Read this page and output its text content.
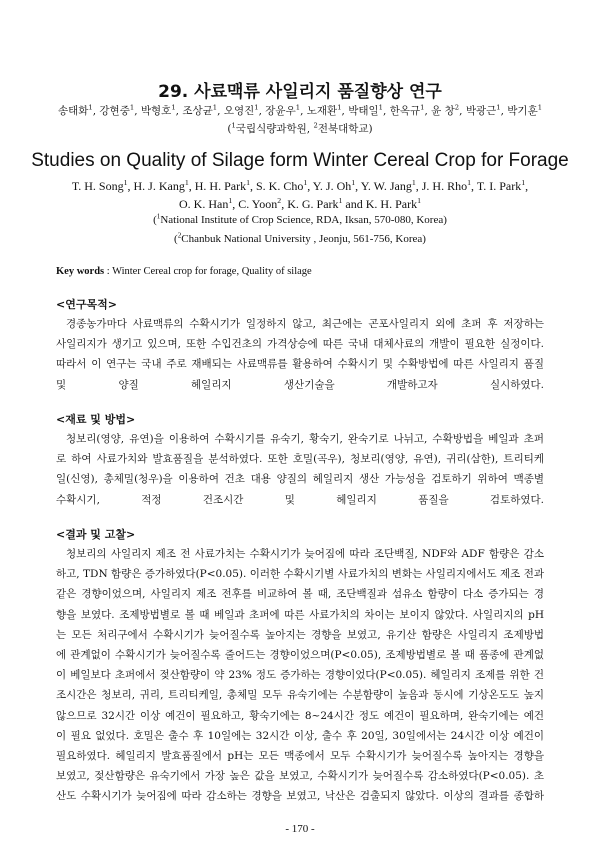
29. 사료맥류 사일리지 품질향상 연구
송태화$^1$, 강현중$^1$, 박형호$^1$, 조상균$^1$, 오영진$^1$, 장윤우$^1$, 노재환$^1$, 박태일$^1$, 한옥규$^1$, 윤 창$^2$, 박광근$^1$, 박기훈$^1$
($^1$국립식량과학원, $^2$전북대학교)
Studies on Quality of Silage form Winter Cereal Crop for Forage
T. H. Song$^1$, H. J. Kang$^1$, H. H. Park$^1$, S. K. Cho$^1$, Y. J. Oh$^1$, Y. W. Jang$^1$, J. H. Rho$^1$, T. I. Park$^1$,
O. K. Han$^1$, C. Yoon$^2$, K. G. Park$^1$ and K. H. Park$^1$
($^1$National Institute of Crop Science, RDA, Iksan, 570-080, Korea)
($^2$Chanbuk National University , Jeonju, 561-756, Korea)
Key words : Winter Cereal crop for forage, Quality of silage
<연구목적>
경종농가마다 사료맥류의 수확시기가 일정하지 않고, 최근에는 곤포사일리지 외에 초퍼 후 저장하는
사일리지가 생기고 있으며, 또한 수입건초의 가격상승에 따른 국내 대체사료의 개발이 필요한 실정이다.
따라서 이 연구는 국내 주로 재배되는 사료맥류를 활용하여 수확시기 및 수확방법에 따른 사일리지 품질
및 양질 헤일리지 생산기술을 개발하고자 실시하였다.
<재료 및 방법>
청보리(영양, 유연)을 이용하여 수확시기를 유숙기, 황숙기, 완숙기로 나뉘고, 수확방법을 베일과 초퍼
로 하여 사료가치와 발효품질을 분석하였다. 또한 호밀(곡우), 청보리(영양, 유연), 귀리(삼한), 트리티케
일(신영), 총체밀(청우)을 이용하여 건초 대용 양질의 헤일리지 생산 가능성을 검토하기 위하여 맥종별
수확시기, 적정 건조시간 및 헤일리지 품질을 검토하였다.
<결과 및 고찰>
청보리의 사일리지 제조 전 사료가치는 수확시기가 늦어짐에 따라 조단백질, NDF와 ADF 함량은 감소
하고, TDN 함량은 증가하였다(P<0.05). 이러한 수확시기별 사료가치의 변화는 사일리지에서도 제조 전과
같은 경향이었으며, 사일리지 제조 전후를 비교하여 볼 때, 조단백질과 섬유소 함량이 다소 증가되는 경
향을 보였다. 조제방법별로 볼 때 베일과 초퍼에 따른 사료가치의 차이는 보이지 않았다. 사일리지의 pH
는 모든 처리구에서 수확시기가 늦어질수록 높아지는 경향을 보였고, 유기산 함량은 사일리지 조제방법
에 관계없이 수확시기가 늦어질수록 줄어드는 경향이었으며(P<0.05), 조제방법별로 볼 때 품종에 관계없
이 베일보다 초퍼에서 젖산함량이 약 23% 정도 증가하는 경향이었다(P<0.05). 헤일리지 조제를 위한 건
조시간은 청보리, 귀리, 트리티케일, 총체밀 모두 유숙기에는 수분함량이 높음과 동시에 기상온도도 높지
않으므로 32시간 이상 예건이 필요하고, 황숙기에는 8~24시간 정도 예건이 필요하며, 완숙기에는 예건
이 필요 없었다. 호밀은 출수 후 10일에는 32시간 이상, 출수 후 20일, 30일에서는 24시간 이상 예건이
필요하였다. 헤일리지 발효품질에서 pH는 모든 맥종에서 모두 수확시기가 늦어질수록 높아지는 경향을
보였고, 젖산함량은 유숙기에서 가장 높은 값을 보였고, 수확시기가 늦어질수록 감소하였다(P<0.05). 초
산도 수확시기가 늦어짐에 따라 감소하는 경향을 보였고, 낙산은 검출되지 않았다. 이상의 결과를 종합하
- 170 -
